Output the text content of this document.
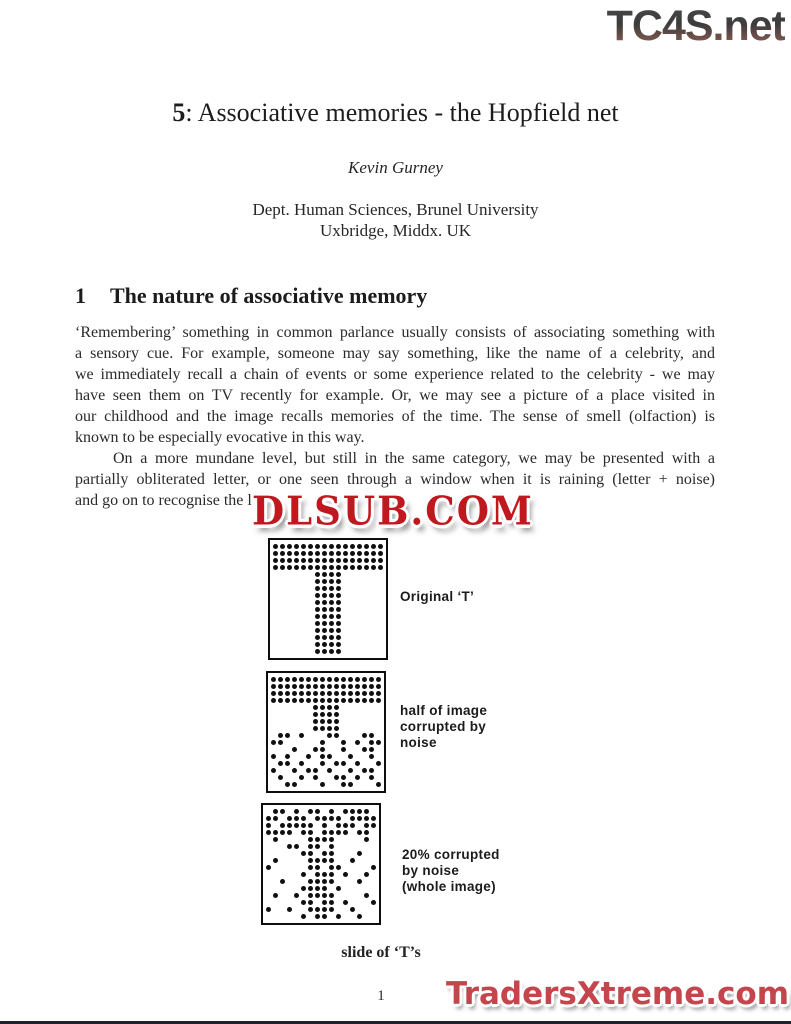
TC4S.net
5: Associative memories - the Hopfield net
Kevin Gurney
Dept. Human Sciences, Brunel University
Uxbridge, Middx. UK
1 The nature of associative memory
‘Remembering’ something in common parlance usually consists of associating something with
a sensory cue. For example, someone may say something, like the name of a celebrity, and
we immediately recall a chain of events or some experience related to the celebrity - we may
have seen them on TV recently for example. Or, we may see a picture of a place visited in
our childhood and the image recalls memories of the time. The sense of smell (olfaction) is
known to be especially evocative in this way.
On a more mundane level, but still in the same category, we may be presented with a
partially obliterated letter, or one seen through a window when it is raining (letter + noise)
and go on to recognise the l DLSUB.COM
Original ‘T’
half of image
corrupted by
noise
20% corrupted
by noise
(whole image)
slide of ‘T’s
1	TradersXtreme.com
